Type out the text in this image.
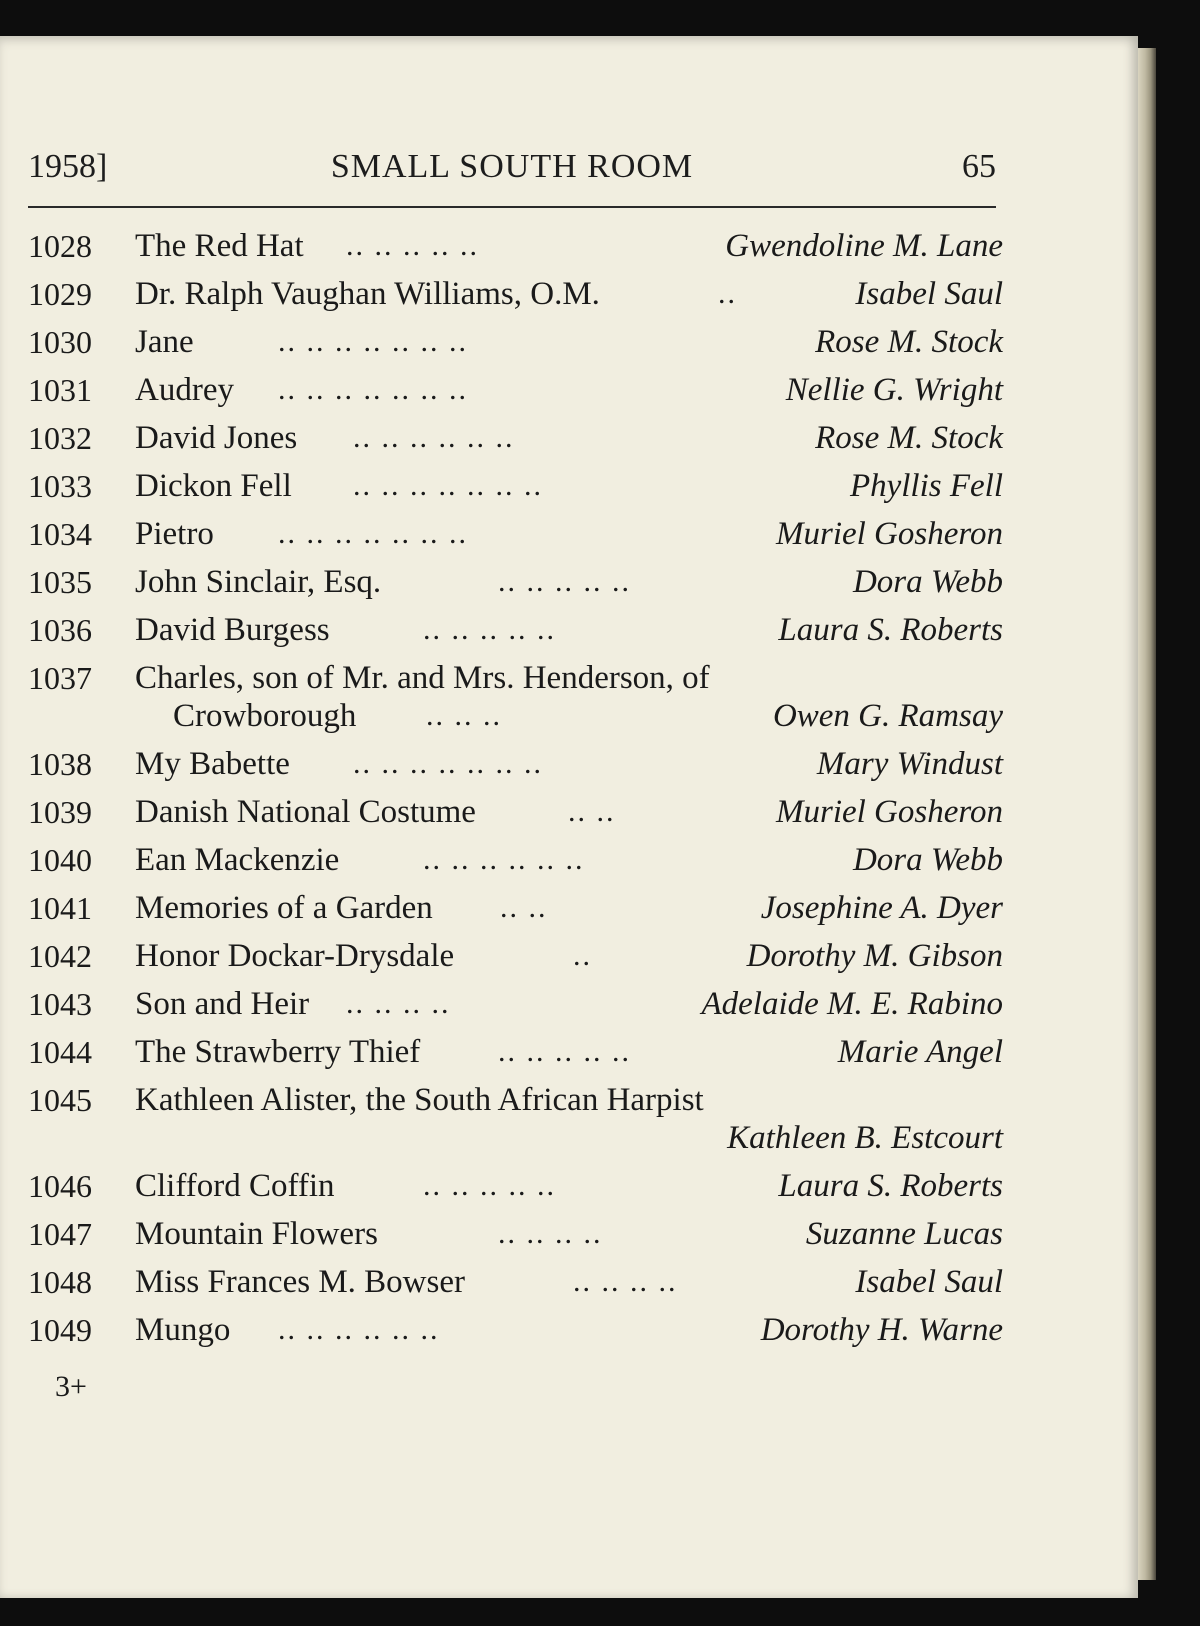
1958]	SMALL SOUTH ROOM	65
1028	The Red Hat .. .. .. .. ..	Gwendoline M. Lane
1029	Dr. Ralph Vaughan Williams, O.M.	..	Isabel Saul
1030	Jane	.. .. .. .. .. .. ..	Rose M. Stock
1031	Audrey .. .. .. .. .. .. ..	Nellie G. Wright
1032	David Jones .. .. .. .. .. ..	Rose M. Stock
1033	Dickon Fell .. .. .. .. .. .. ..	Phyllis Fell
1034	Pietro .. .. .. .. .. .. ..	Muriel Gosheron
1035	John Sinclair, Esq.	.. .. .. .. ..	Dora Webb
1036	David Burgess	.. .. .. .. ..	Laura S. Roberts
1037	Charles, son of Mr. and Mrs. Henderson, of
Crowborough .. .. ..	Owen G. Ramsay
1038	My Babette .. .. .. .. .. .. ..	Mary Windust
1039	Danish National Costume	.. ..	Muriel Gosheron
1040	Ean Mackenzie	.. .. .. .. .. ..	Dora Webb
1041	Memories of a Garden .. ..	Josephine A. Dyer
1042	Honor Dockar-Drysdale	..	Dorothy M. Gibson
1043	Son and Heir .. .. .. ..	Adelaide M. E. Rabino
1044	The Strawberry Thief	.. .. .. .. ..	Marie Angel
1045	Kathleen Alister, the South African Harpist
Kathleen B. Estcourt
1046	Clifford Coffin	.. .. .. .. ..	Laura S. Roberts
1047	Mountain Flowers	.. .. .. ..	Suzanne Lucas
1048	Miss Frances M. Bowser	.. .. .. ..	Isabel Saul
1049	Mungo .. .. .. .. .. ..	Dorothy H. Warne
3+
